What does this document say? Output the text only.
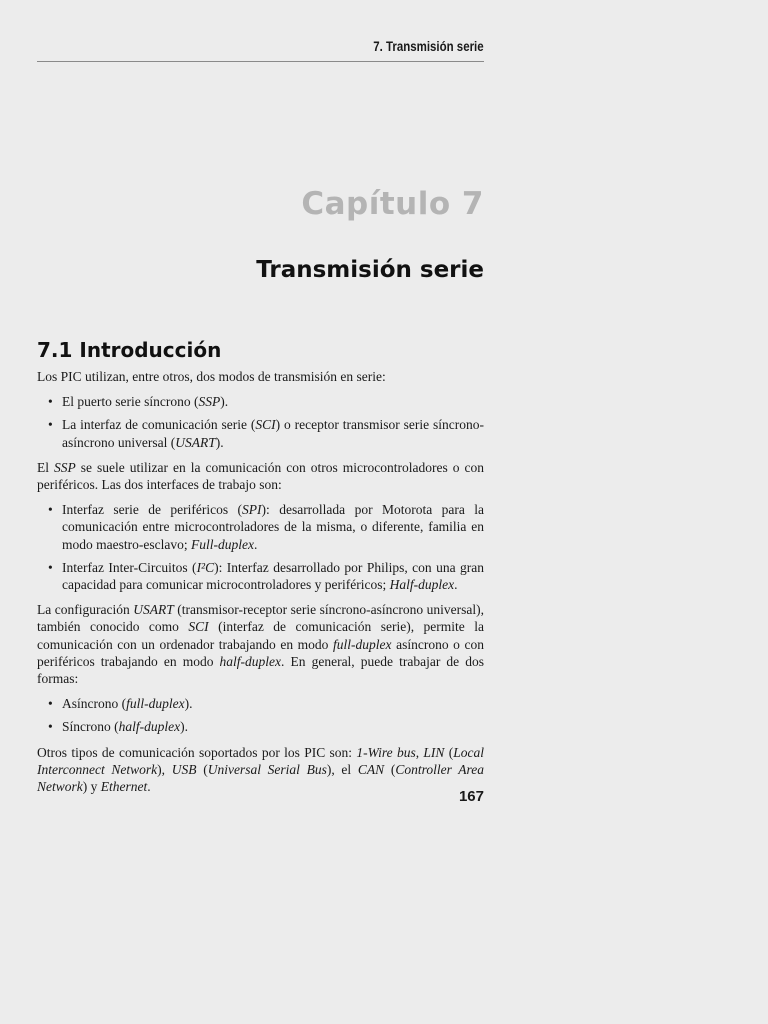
7. Transmisión serie
Capítulo 7
Transmisión serie
7.1 Introducción

Los PIC utilizan, entre otros, dos modos de transmisión en serie:

• El puerto serie síncrono (SSP).
• La interfaz de comunicación serie (SCI) o receptor transmisor serie síncrono-asíncrono universal (USART).

El SSP se suele utilizar en la comunicación con otros microcontroladores o con periféricos. Las dos interfaces de trabajo son:

• Interfaz serie de periféricos (SPI): desarrollada por Motorota para la comunicación entre microcontroladores de la misma, o diferente, familia en modo maestro-esclavo; Full-duplex.
• Interfaz Inter-Circuitos (I²C): Interfaz desarrollado por Philips, con una gran capacidad para comunicar microcontroladores y periféricos; Half-duplex.

La configuración USART (transmisor-receptor serie síncrono-asíncrono universal), también conocido como SCI (interfaz de comunicación serie), permite la comunicación con un ordenador trabajando en modo full-duplex asíncrono o con periféricos trabajando en modo half-duplex. En general, puede trabajar de dos formas:

• Asíncrono (full-duplex).
• Síncrono (half-duplex).

Otros tipos de comunicación soportados por los PIC son: 1-Wire bus, LIN (Local Interconnect Network), USB (Universal Serial Bus), el CAN (Controller Area Network) y Ethernet.

167
